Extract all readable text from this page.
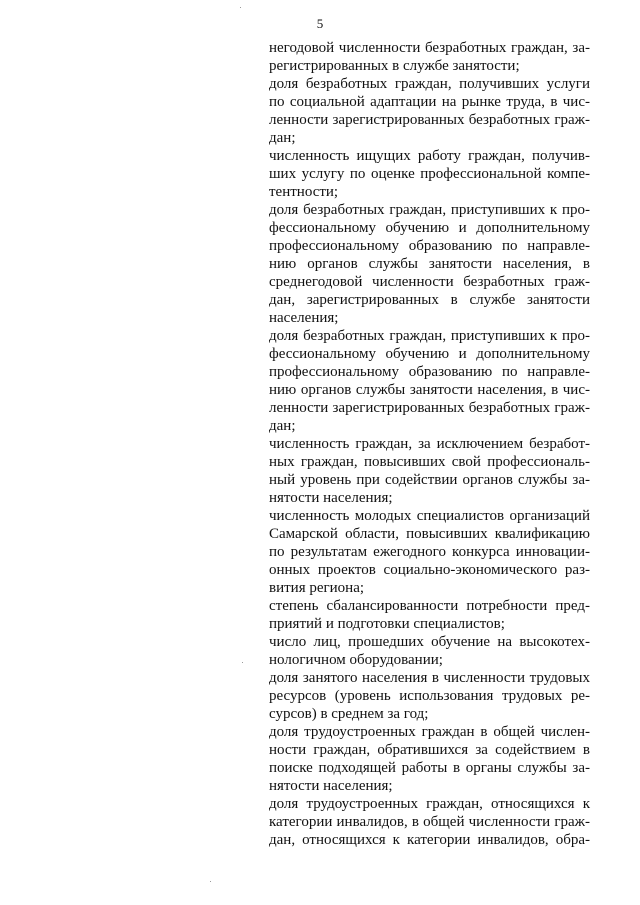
5
негодовой численности безработных граждан, за-
регистрированных в службе занятости;
доля безработных граждан, получивших услуги
по социальной адаптации на рынке труда, в чис-
ленности зарегистрированных безработных граж-
дан;
численность ищущих работу граждан, получив-
ших услугу по оценке профессиональной компе-
тентности;
доля безработных граждан, приступивших к про-
фессиональному обучению и дополнительному
профессиональному образованию по направле-
нию органов службы занятости населения, в
среднегодовой численности безработных граж-
дан, зарегистрированных в службе занятости
населения;
доля безработных граждан, приступивших к про-
фессиональному обучению и дополнительному
профессиональному образованию по направле-
нию органов службы занятости населения, в чис-
ленности зарегистрированных безработных граж-
дан;
численность граждан, за исключением безработ-
ных граждан, повысивших свой профессиональ-
ный уровень при содействии органов службы за-
нятости населения;
численность молодых специалистов организаций
Самарской области, повысивших квалификацию
по результатам ежегодного конкурса инновации-
онных проектов социально-экономического раз-
вития региона;
степень сбалансированности потребности пред-
приятий и подготовки специалистов;
число лиц, прошедших обучение на высокотех-
нологичном оборудовании;
доля занятого населения в численности трудовых
ресурсов (уровень использования трудовых ре-
сурсов) в среднем за год;
доля трудоустроенных граждан в общей числен-
ности граждан, обратившихся за содействием в
поиске подходящей работы в органы службы за-
нятости населения;
доля трудоустроенных граждан, относящихся к
категории инвалидов, в общей численности граж-
дан, относящихся к категории инвалидов, обра-
